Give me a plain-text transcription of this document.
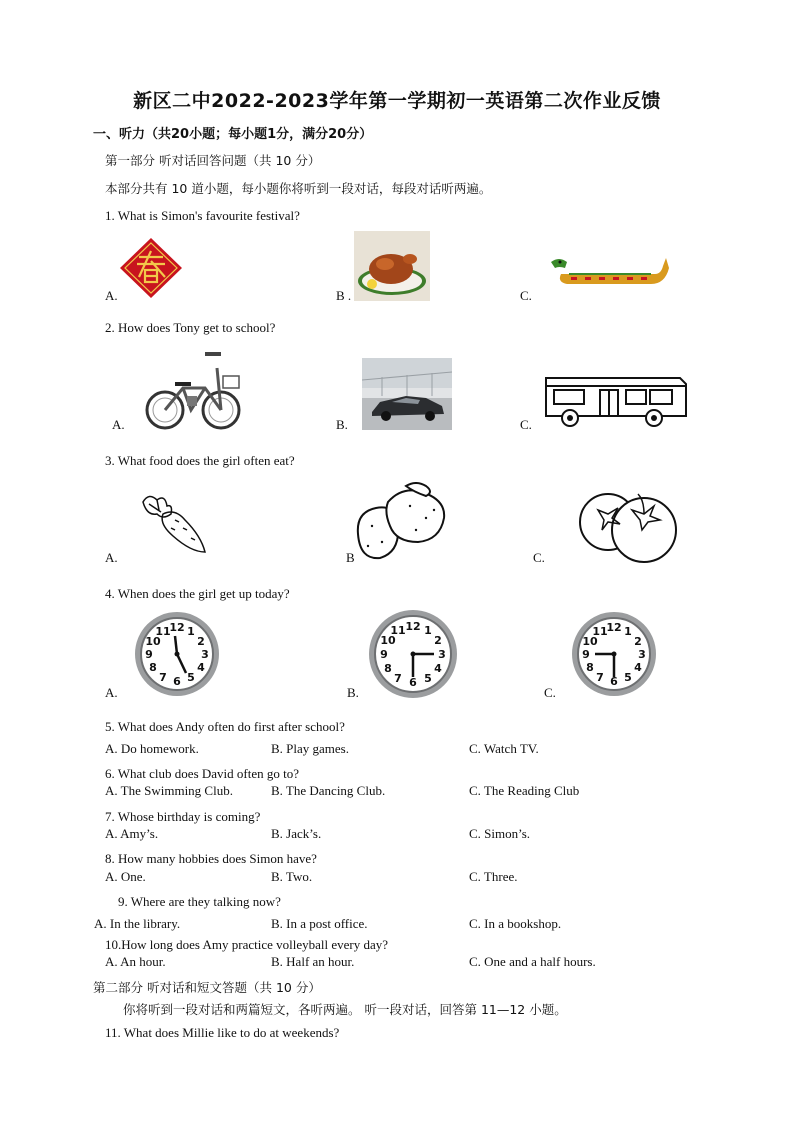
新区二中2022-2023学年第一学期初一英语第二次作业反馈
一、听力（共20小题；每小题1分，满分20分）
第一部分 听对话回答问题（共 10 分）
本部分共有 10 道小题，每小题你将听到一段对话，每段对话听两遍。
1. What is Simon's favourite festival?
A.	B .	C.
2. How does Tony get to school?
A.	B.	C.
3. What food does the girl often eat?
A.	B	C.
4. When does the girl get up today?
A.	B.	C.
12 1
2
3
4
5
6
7
8
9
10
11	12 1
2
3
4
5
6
7
8
9
10
11	12 1
2
3
4
5
6
7
8
9
10
11
5. What does Andy often do first after school?
A. Do homework.	B. Play games.	C. Watch TV.
6. What club does David often go to?
A. The Swimming Club.	B. The Dancing Club.	C. The Reading Club
7. Whose birthday is coming?
A. Amy’s.	B. Jack’s.	C. Simon’s.
8. How many hobbies does Simon have?
A. One.	B. Two.	C. Three.
9. Where are they talking now?
A. In the library.	B. In a post office.	C. In a bookshop.
10.How long does Amy practice volleyball every day?
A. An hour.	B. Half an hour.	C. One and a half hours.
第二部分 听对话和短文答题（共 10 分）
你将听到一段对话和两篇短文，各听两遍。 听一段对话，回答第 11—12 小题。
11. What does Millie like to do at weekends?
